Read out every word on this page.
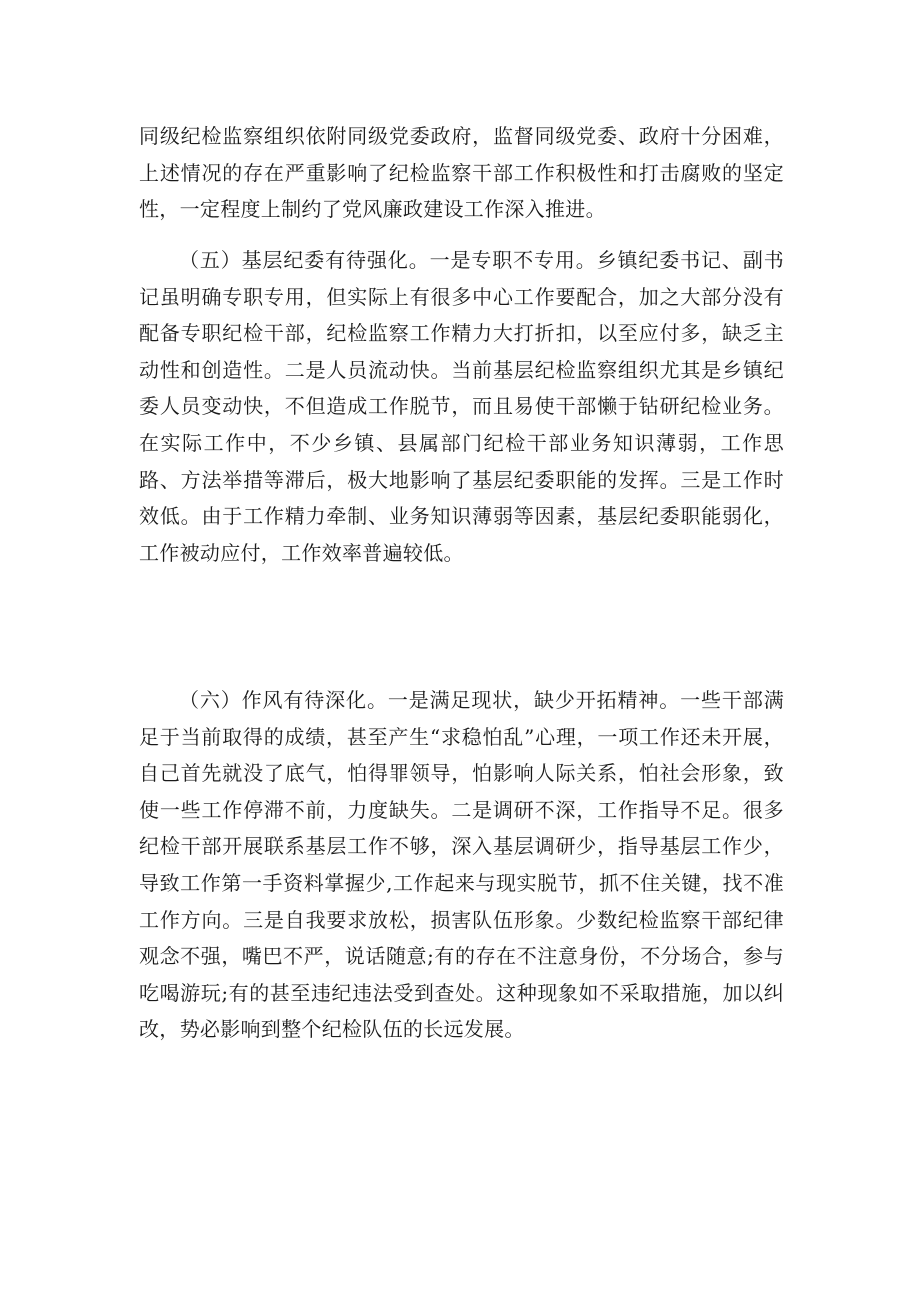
同级纪检监察组织依附同级党委政府，监督同级党委、政府十分困难，上述情况的存在严重影响了纪检监察干部工作积极性和打击腐败的坚定性，一定程度上制约了党风廉政建设工作深入推进。

（五）基层纪委有待强化。一是专职不专用。乡镇纪委书记、副书记虽明确专职专用，但实际上有很多中心工作要配合，加之大部分没有配备专职纪检干部，纪检监察工作精力大打折扣，以至应付多，缺乏主动性和创造性。二是人员流动快。当前基层纪检监察组织尤其是乡镇纪委人员变动快，不但造成工作脱节，而且易使干部懒于钻研纪检业务。在实际工作中，不少乡镇、县属部门纪检干部业务知识薄弱，工作思路、方法举措等滞后，极大地影响了基层纪委职能的发挥。三是工作时效低。由于工作精力牵制、业务知识薄弱等因素，基层纪委职能弱化，工作被动应付，工作效率普遍较低。

（六）作风有待深化。一是满足现状，缺少开拓精神。一些干部满足于当前取得的成绩，甚至产生“求稳怕乱”心理，一项工作还未开展，自己首先就没了底气，怕得罪领导，怕影响人际关系，怕社会形象，致使一些工作停滞不前，力度缺失。二是调研不深，工作指导不足。很多纪检干部开展联系基层工作不够，深入基层调研少，指导基层工作少，导致工作第一手资料掌握少,工作起来与现实脱节，抓不住关键，找不准工作方向。三是自我要求放松，损害队伍形象。少数纪检监察干部纪律观念不强，嘴巴不严，说话随意;有的存在不注意身份，不分场合，参与吃喝游玩;有的甚至违纪违法受到查处。这种现象如不采取措施，加以纠改，势必影响到整个纪检队伍的长远发展。
